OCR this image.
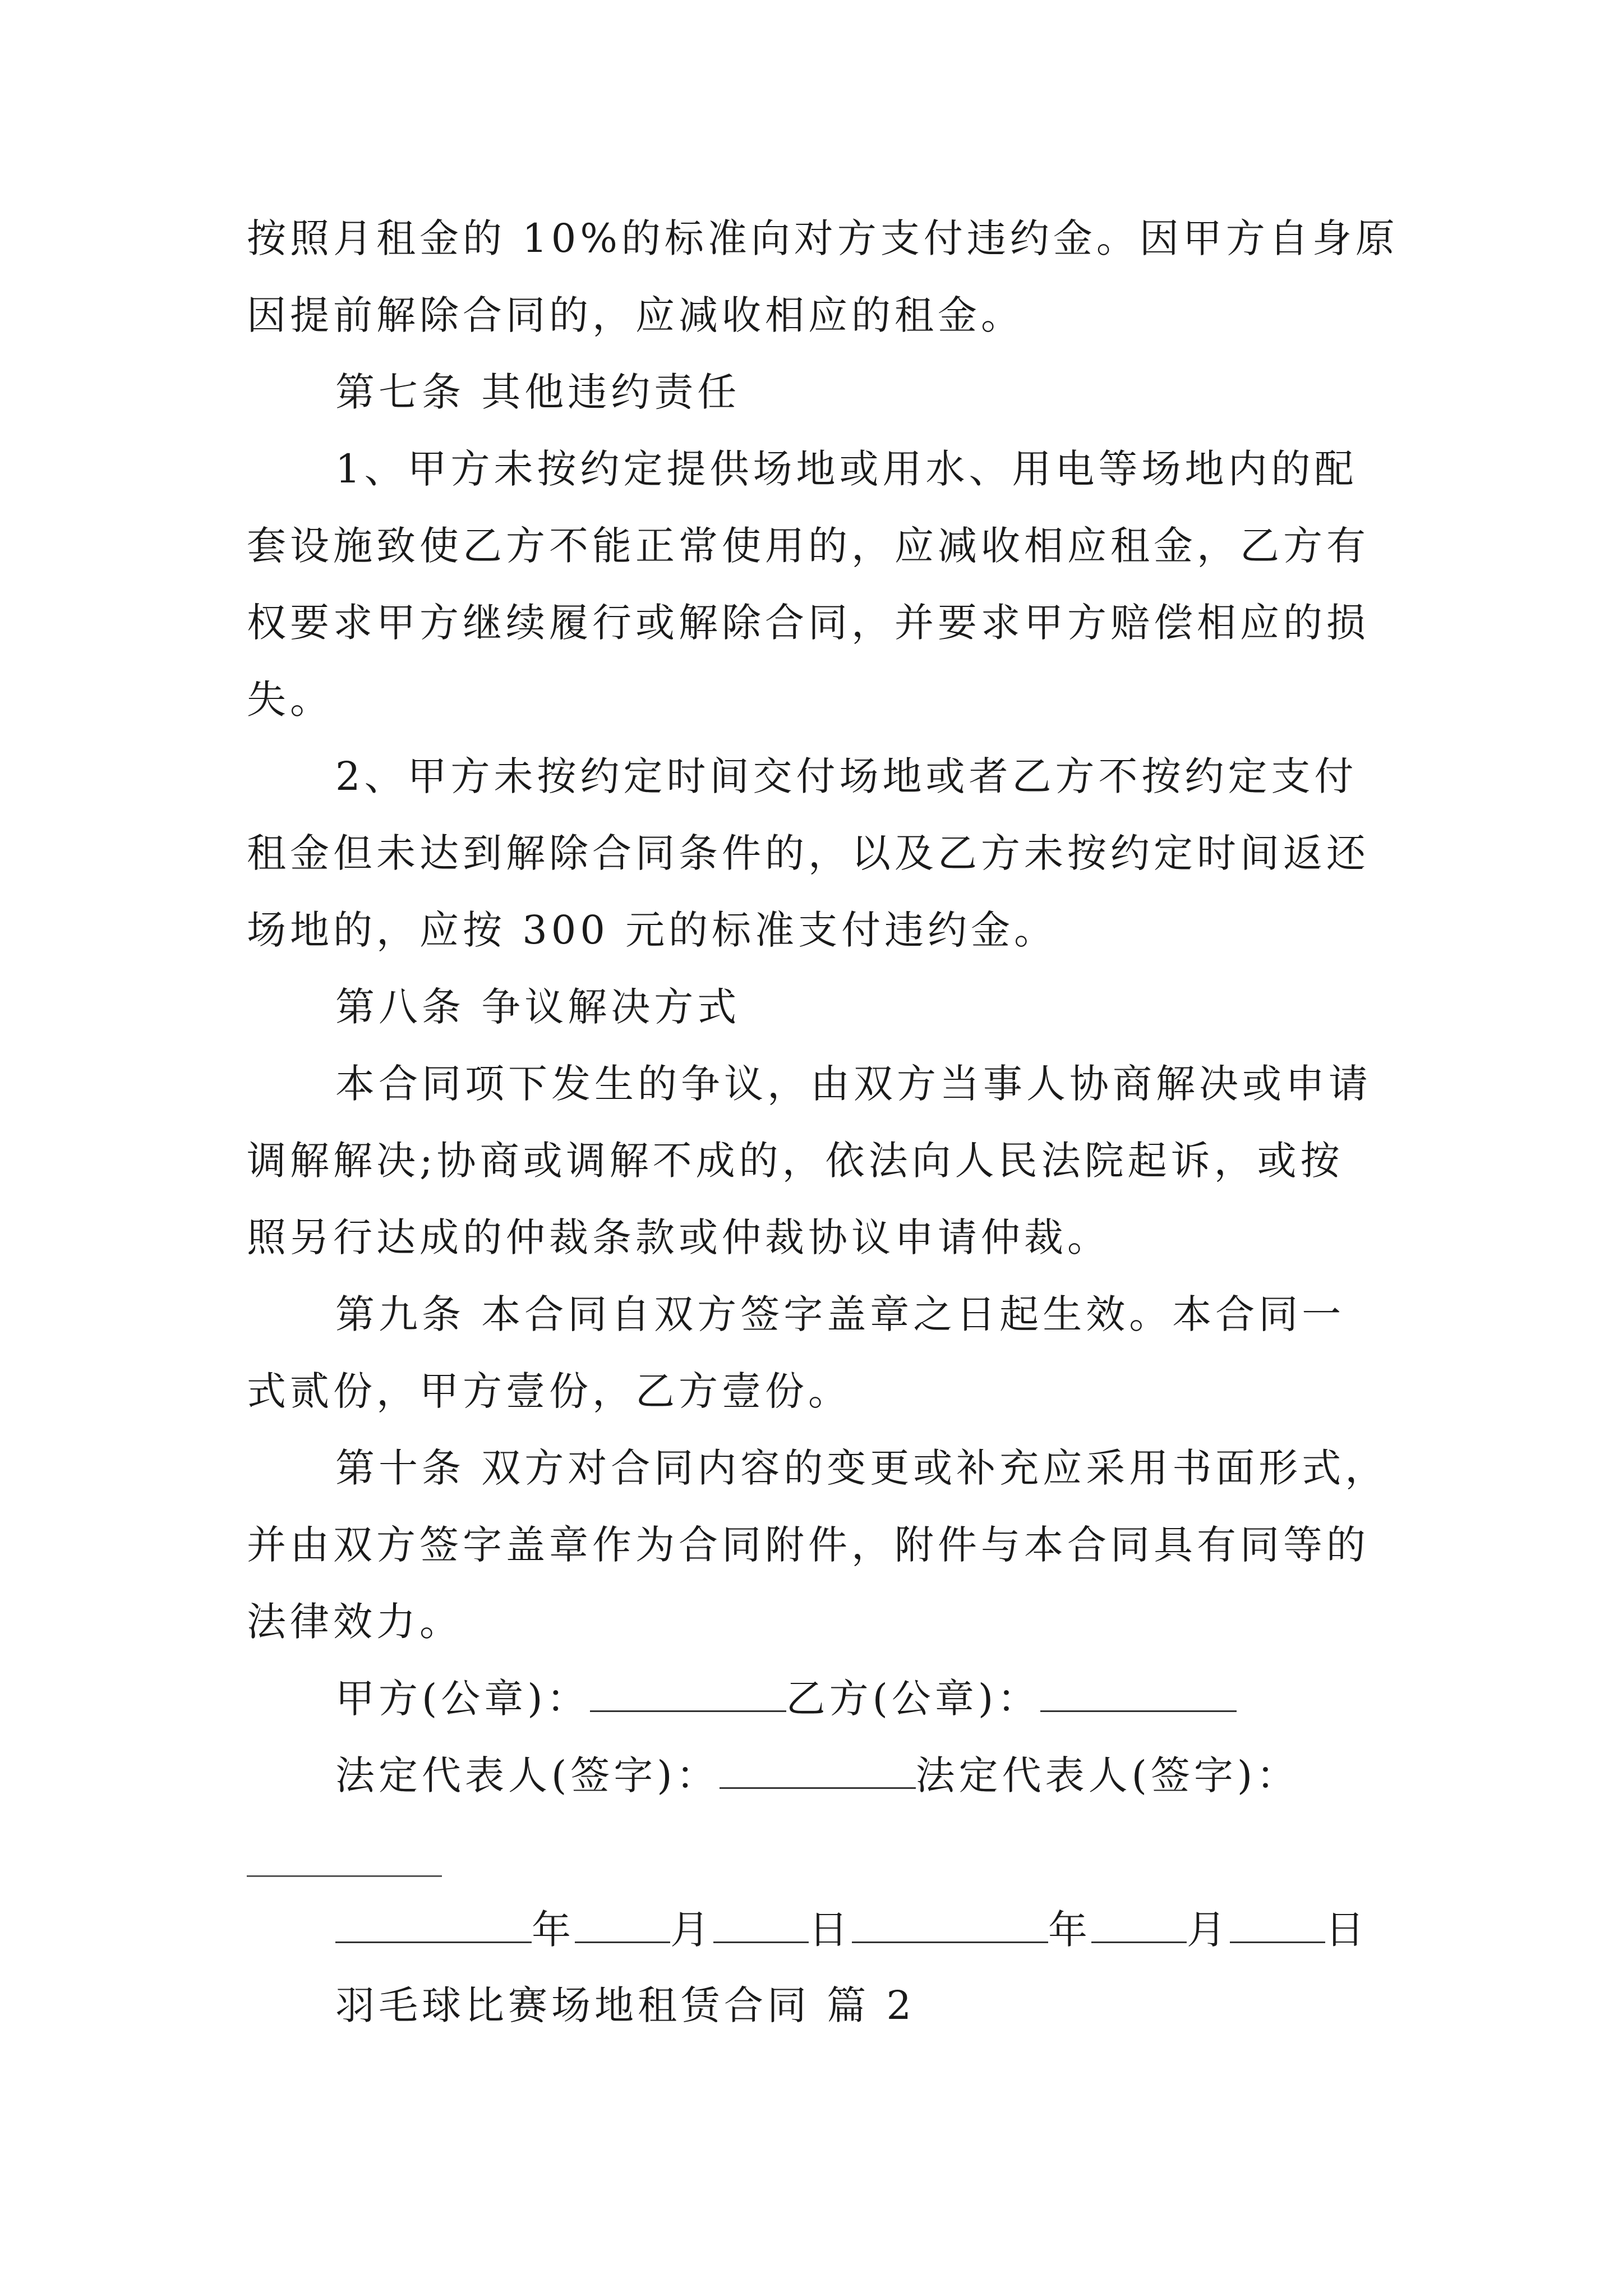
按照月租金的 10%的标准向对方支付违约金。因甲方自身原
因提前解除合同的，应减收相应的租金。
第七条 其他违约责任
1、甲方未按约定提供场地或用水、用电等场地内的配
套设施致使乙方不能正常使用的，应减收相应租金，乙方有
权要求甲方继续履行或解除合同，并要求甲方赔偿相应的损
失。
2、甲方未按约定时间交付场地或者乙方不按约定支付
租金但未达到解除合同条件的，以及乙方未按约定时间返还
场地的，应按 300 元的标准支付违约金。
第八条 争议解决方式
本合同项下发生的争议，由双方当事人协商解决或申请
调解解决;协商或调解不成的，依法向人民法院起诉，或按
照另行达成的仲裁条款或仲裁协议申请仲裁。
第九条 本合同自双方签字盖章之日起生效。本合同一
式贰份，甲方壹份，乙方壹份。
第十条 双方对合同内容的变更或补充应采用书面形式，
并由双方签字盖章作为合同附件，附件与本合同具有同等的
法律效力。
甲方(公章)：	乙方(公章)：
法定代表人(签字)：	法定代表人(签字)：
年 月 日	年 月 日
羽毛球比赛场地租赁合同 篇 2
